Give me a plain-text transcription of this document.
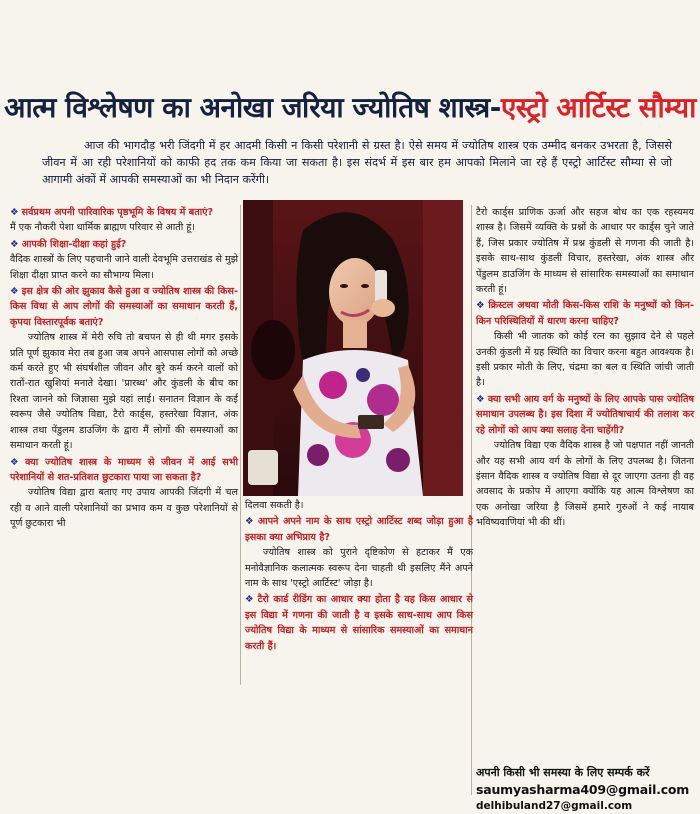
आत्म विश्लेषण का अनोखा जरिया ज्योतिष शास्त्र-एस्ट्रो आर्टिस्ट सौम्या
आज की भागदौड़ भरी जिंदगी में हर आदमी किसी न किसी परेशानी से ग्रस्त है। ऐसे समय में ज्योतिष शास्त्र एक उम्मीद बनकर उभरता है, जिससे जीवन में आ रही परेशानियों को काफी हद तक कम किया जा सकता है। इस संदर्भ में इस बार हम आपको मिलाने जा रहे हैं एस्ट्रो आर्टिस्ट सौम्या से जो आगामी अंकों में आपकी समस्याओं का भी निदान करेंगी।

❖ सर्वप्रथम अपनी पारिवारिक पृष्ठभूमि के विषय में बताएं?

मैं एक नौकरी पेशा धार्मिक ब्राह्मण परिवार से आती हूं।

❖ आपकी शिक्षा-दीक्षा कहां हुई?

वैदिक शास्त्रों के लिए पहचानी जाने वाली देवभूमि उत्तराखंड से मुझे शिक्षा दीक्षा प्राप्त करने का सौभाग्य मिला।

❖ इस क्षेत्र की ओर झुकाव कैसे हुआ व ज्योतिष शास्त्र की किस-किस विधा से आप लोगों की समस्याओं का समाधान करती हैं, कृपया विस्तारपूर्वक बताएं?

ज्योतिष शास्त्र में मेरी रुचि तो बचपन से ही थी मगर इसके प्रति पूर्ण झुकाव मेरा तब हुआ जब अपने आसपास लोगों को अच्छे कर्म करते हुए भी संघर्षशील जीवन और बुरे कर्म करने वालों को रातों-रात खुशियां मनाते देखा। 'प्रारब्ध' और कुंडली के बीच का रिश्ता जानने को जिज्ञासा मुझे यहां लाई। सनातन विज्ञान के कई स्वरूप जैसे ज्योतिष विद्या, टैरो कार्ड्स, हस्तरेखा विज्ञान, अंक शास्त्र तथा पेंडुलम डाउजिंग के द्वारा मैं लोगों की समस्याओं का समाधान करती हूं।

❖ क्या ज्योतिष शास्त्र के माध्यम से जीवन में आई सभी परेशानियों से शत-प्रतिशत छुटकारा पाया जा सकता है?

ज्योतिष विद्या द्वारा बताए गए उपाय आपकी जिंदगी में चल रही व आने वाली परेशानियों का प्रभाव कम व कुछ परेशानियों से पूर्ण छुटकारा भी

दिलवा सकती है।

❖ आपने अपने नाम के साथ एस्ट्रो आर्टिस्ट शब्द जोड़ा हुआ है इसका क्या अभिप्राय है?

ज्योतिष शास्त्र को पुराने दृष्टिकोण से हटाकर मैं एक मनोवैज्ञानिक कलात्मक स्वरूप देना चाहती थी इसलिए मैंने अपने नाम के साथ 'एस्ट्रो आर्टिस्ट' जोड़ा है।

❖ टैरो कार्ड रीडिंग का आधार क्या होता है वह किस आधार से इस विद्या में गणना की जाती है व इसके साथ-साथ आप किस ज्योतिष विद्या के माध्यम से सांसारिक समस्याओं का समाधान करती हैं।

टैरो कार्ड्स प्राणिक ऊर्जा और सहज बोध का एक रहस्यमय शास्त्र है। जिसमें व्यक्ति के प्रश्नों के आधार पर कार्ड्स चुने जाते हैं, जिस प्रकार ज्योतिष में प्रश्न कुंडली से गणना की जाती है। इसके साथ-साथ कुंडली विचार, हस्तरेखा, अंक शास्त्र और पेंडुलम डाउजिंग के माध्यम से सांसारिक समस्याओं का समाधान करती हूं।

❖ क्रिस्टल अथवा मोती किस-किस राशि के मनुष्यों को किन-किन परिस्थितियों में धारण करना चाहिए?

किसी भी जातक को कोई रत्न का सुझाव देने से पहले उनकी कुंडली में ग्रह स्थिति का विचार करना बहुत आवश्यक है। इसी प्रकार मोती के लिए, चंद्रमा का बल व स्थिति जांची जाती है।

❖ क्या सभी आय वर्ग के मनुष्यों के लिए आपके पास ज्योतिष समाधान उपलब्ध है। इस दिशा में ज्योतिषाचार्य की तलाश कर रहे लोगों को आप क्या सलाह देना चाहेंगी?

ज्योतिष विद्या एक वैदिक शास्त्र है जो पक्षपात नहीं जानती और यह सभी आय वर्ग के लोगों के लिए उपलब्ध है। जितना इंसान वैदिक शास्त्र व ज्योतिष विद्या से दूर जाएगा उतना ही वह अवसाद के प्रकोप में आएगा क्योंकि यह आत्म विश्लेषण का एक अनोखा जरिया है जिसमें हमारे गुरुओं ने कई नायाब भविष्यवाणियां भी की थीं।

अपनी किसी भी समस्या के लिए सम्पर्क करें
saumyasharma409@gmail.com
delhibuland27@gmail.com
